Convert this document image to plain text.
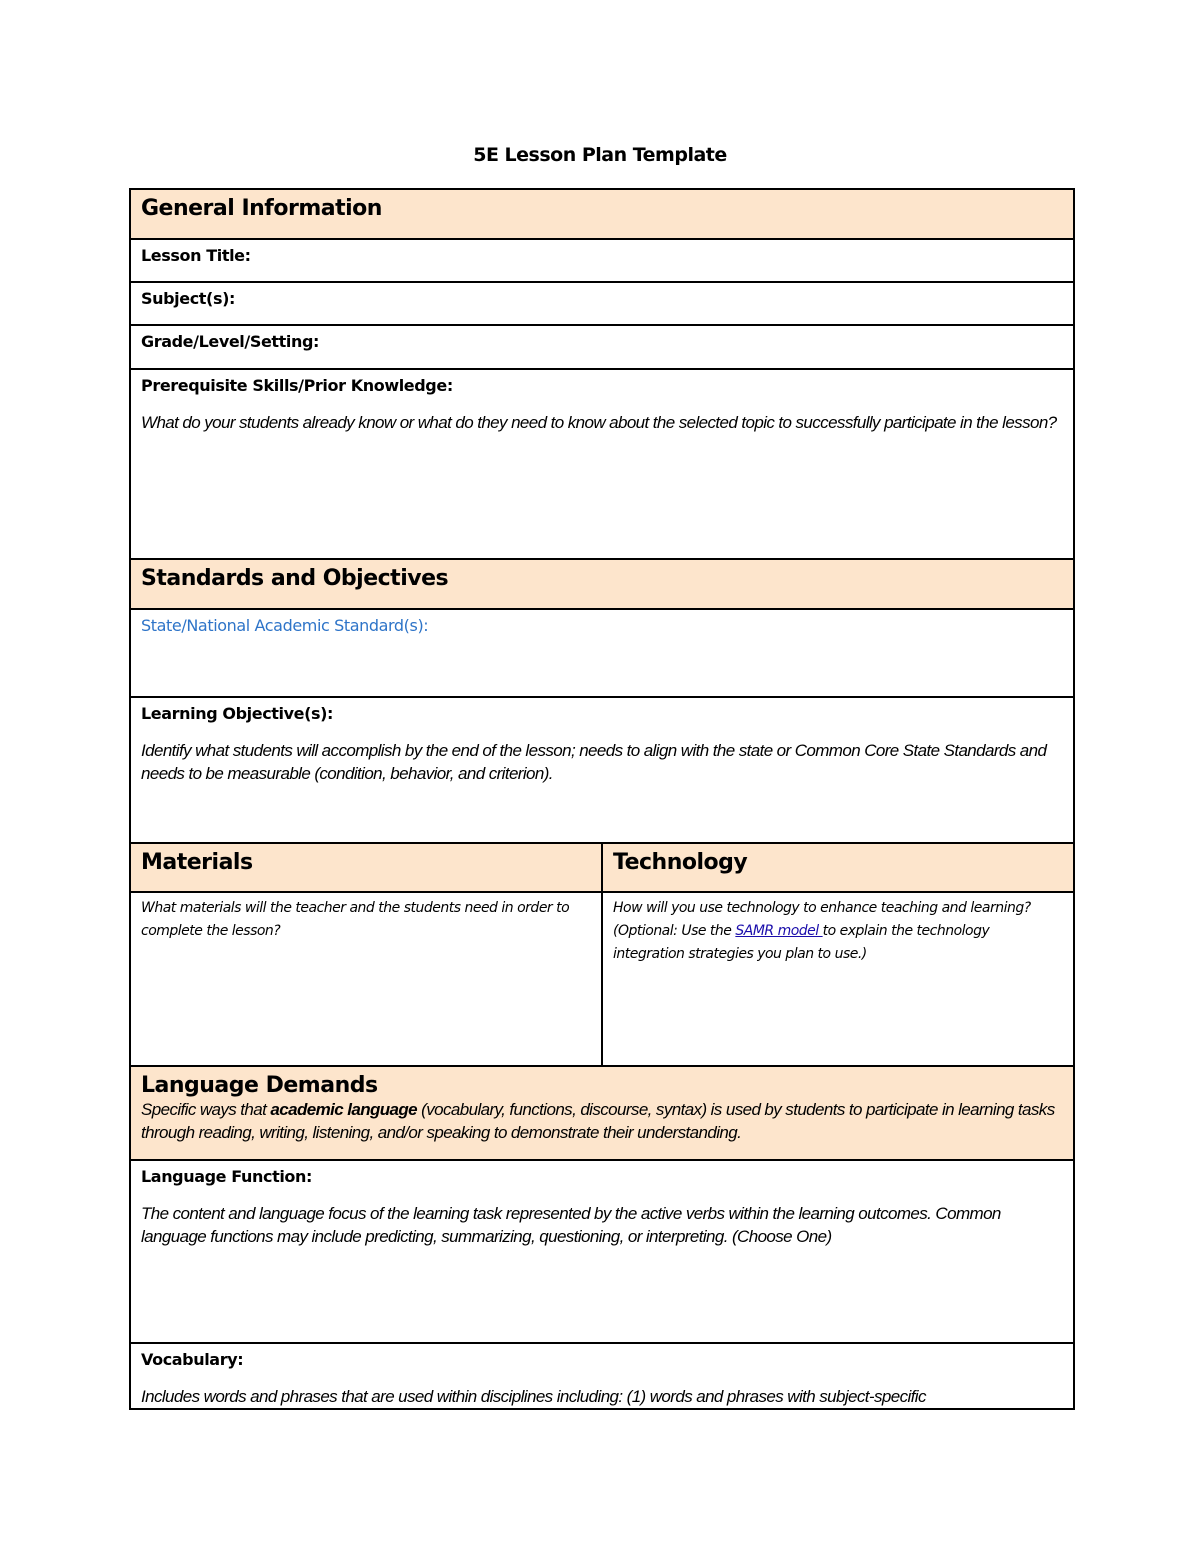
5E Lesson Plan Template
General Information
Lesson Title:
Subject(s):
Grade/Level/Setting:
Prerequisite Skills/Prior Knowledge:
What do your students already know or what do they need to know about the selected topic to successfully participate in the lesson?
Standards and Objectives
State/National Academic Standard(s):
Learning Objective(s):
Identify what students will accomplish by the end of the lesson; needs to align with the state or Common Core State Standards and needs to be measurable (condition, behavior, and criterion).
Materials	Technology
What materials will the teacher and the students need in order to complete the lesson?
How will you use technology to enhance teaching and learning? (Optional: Use the SAMR model to explain the technology integration strategies you plan to use.)
Language Demands
Specific ways that academic language (vocabulary, functions, discourse, syntax) is used by students to participate in learning tasks through reading, writing, listening, and/or speaking to demonstrate their understanding.
Language Function:
The content and language focus of the learning task represented by the active verbs within the learning outcomes. Common language functions may include predicting, summarizing, questioning, or interpreting. (Choose One)
Vocabulary:
Includes words and phrases that are used within disciplines including: (1) words and phrases with subject-specific
